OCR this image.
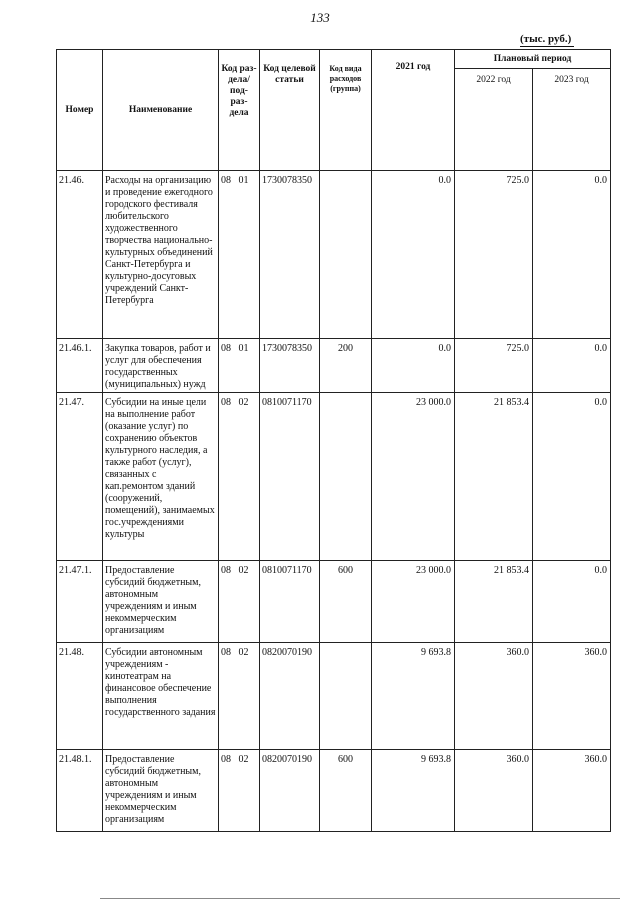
133
(тыс. руб.)
Номер	Наименование	Код раз- дела/ под- раз- дела	Код целевой статьи	Код вида расходов (группа)	2021 год	Плановый период	
						2022 год	2023 год
21.46.	Расходы на организацию и проведение ежегодного городского фестиваля любительского художественного творчества национально-культурных объединений Санкт-Петербурга и культурно-досуговых учреждений Санкт-Петербурга	08 01	1730078350		0.0	725.0	0.0
21.46.1.	Закупка товаров, работ и услуг для обеспечения государственных (муниципальных) нужд	08 01	1730078350	200	0.0	725.0	0.0
21.47.	Субсидии на иные цели на выполнение работ (оказание услуг) по сохранению объектов культурного наследия, а также работ (услуг), связанных с кап.ремонтом зданий (сооружений, помещений), занимаемых гос.учреждениями культуры	08 02	0810071170		23 000.0	21 853.4	0.0
21.47.1.	Предоставление субсидий бюджетным, автономным учреждениям и иным некоммерческим организациям	08 02	0810071170	600	23 000.0	21 853.4	0.0
21.48.	Субсидии автономным учреждениям - кинотеатрам на финансовое обеспечение выполнения государственного задания	08 02	0820070190		9 693.8	360.0	360.0
21.48.1.	Предоставление субсидий бюджетным, автономным учреждениям и иным некоммерческим организациям	08 02	0820070190	600	9 693.8	360.0	360.0
